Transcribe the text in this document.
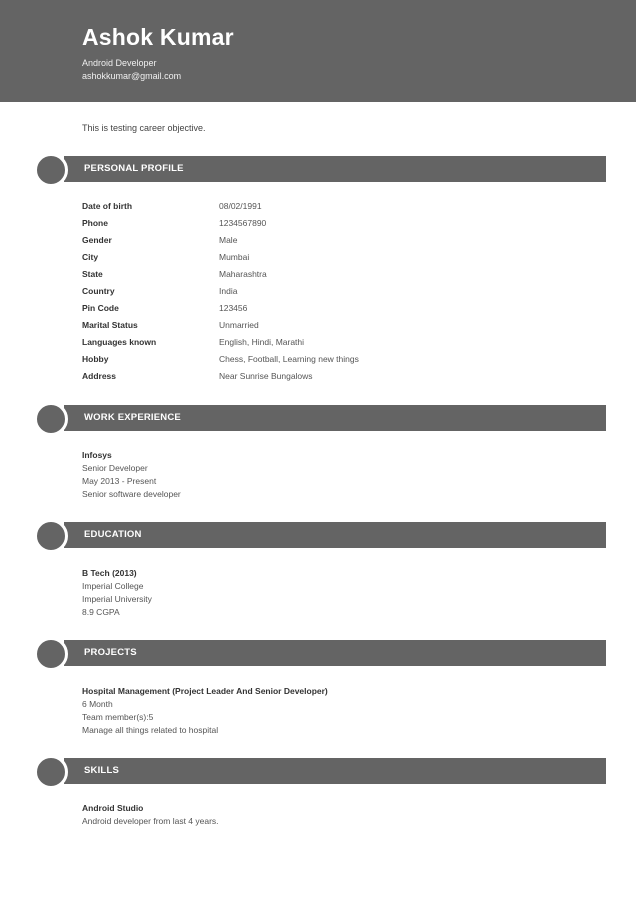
Ashok Kumar
Android Developer
ashokkumar@gmail.com
This is testing career objective.
PERSONAL PROFILE
Date of birth	08/02/1991
Phone	1234567890
Gender	Male
City	Mumbai
State	Maharashtra
Country	India
Pin Code	123456
Marital Status	Unmarried
Languages known	English, Hindi, Marathi
Hobby	Chess, Football, Learning new things
Address	Near Sunrise Bungalows
WORK EXPERIENCE
Infosys
Senior Developer
May 2013 - Present
Senior software developer
EDUCATION
B Tech (2013)
Imperial College
Imperial University
8.9 CGPA
PROJECTS
Hospital Management (Project Leader And Senior Developer)
6 Month
Team member(s):5
Manage all things related to hospital
SKILLS
Android Studio
Android developer from last 4 years.
